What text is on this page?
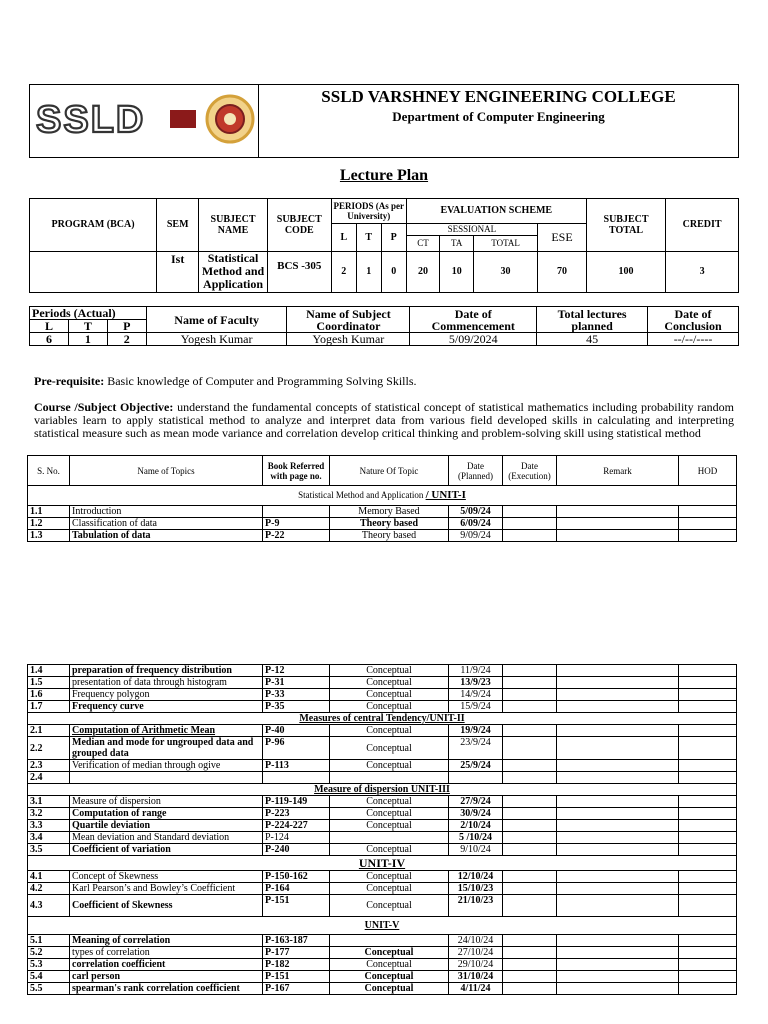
SSLD

SSLD VARSHNEY ENGINEERING COLLEGE
Department of Computer Engineering
Lecture Plan
PROGRAM (BCA)	SEM	SUBJECT NAME	SUBJECT CODE	PERIODS (As per University)			EVALUATION SCHEME				SUBJECT TOTAL	CREDIT
				L	T	P	SESSIONAL			ESE		
							CT	TA	TOTAL			
	Ist	Statistical Method and Application	BCS -305	2	1	0	20	10	30	70	100	3
Periods (Actual)			Name of Faculty	Name of Subject Coordinator	Date of Commencement	Total lectures planned	Date of Conclusion
L	T	P					
6	1	2	Yogesh Kumar	Yogesh Kumar	5/09/2024	45	--/--/----
Pre-requisite: Basic knowledge of Computer and Programming Solving Skills.
Course /Subject Objective: understand the fundamental concepts of statistical concept of statistical mathematics including probability random variables learn to apply statistical method to analyze and interpret data from various field developed skills in calculating and interpreting statistical measure such as mean mode variance and correlation develop critical thinking and problem-solving skill using statistical method
S. No.	Name of Topics	Book Referred with page no.	Nature Of Topic	Date (Planned)	Date (Execution)	Remark	HOD
Statistical Method and Application / UNIT-I							
1.1	Introduction		Memory Based	5/09/24			
1.2	Classification of data	P-9	Theory based	6/09/24			
1.3	Tabulation of data	P-22	Theory based	9/09/24			
1.4	preparation of frequency distribution	P-12	Conceptual	11/9/24			
1.5	presentation of data through histogram	P-31	Conceptual	13/9/23			
1.6	Frequency polygon	P-33	Conceptual	14/9/24			
1.7	Frequency curve	P-35	Conceptual	15/9/24			
Measures of central Tendency/UNIT-II							
2.1	Computation of Arithmetic Mean	P-40	Conceptual	19/9/24			
2.2	Median and mode for ungrouped data and grouped data	P-96	Conceptual	23/9/24			
2.3	Verification of median through ogive	P-113	Conceptual	25/9/24			
2.4							
Measure of dispersion UNIT-III							
3.1	Measure of dispersion	P-119-149	Conceptual	27/9/24			
3.2	Computation of range	P-223	Conceptual	30/9/24			
3.3	Quartile deviation	P-224-227	Conceptual	2/10/24			
3.4	Mean deviation and Standard deviation	P-124		5 /10/24			
3.5	Coefficient of variation	P-240	Conceptual	9/10/24			
UNIT-IV							
4.1	Concept of Skewness	P-150-162	Conceptual	12/10/24			
4.2	Karl Pearson’s and Bowley’s Coefficient	P-164	Conceptual	15/10/23			
4.3	Coefficient of Skewness	P-151	Conceptual	21/10/23			
UNIT-V							
5.1	Meaning of correlation	P-163-187		24/10/24			
5.2	types of correlation	P-177	Conceptual	27/10/24			
5.3	correlation coefficient	P-182	Conceptual	29/10/24			
5.4	carl person	P-151	Conceptual	31/10/24			
5.5	spearman's rank correlation coefficient	P-167	Conceptual	4/11/24			
